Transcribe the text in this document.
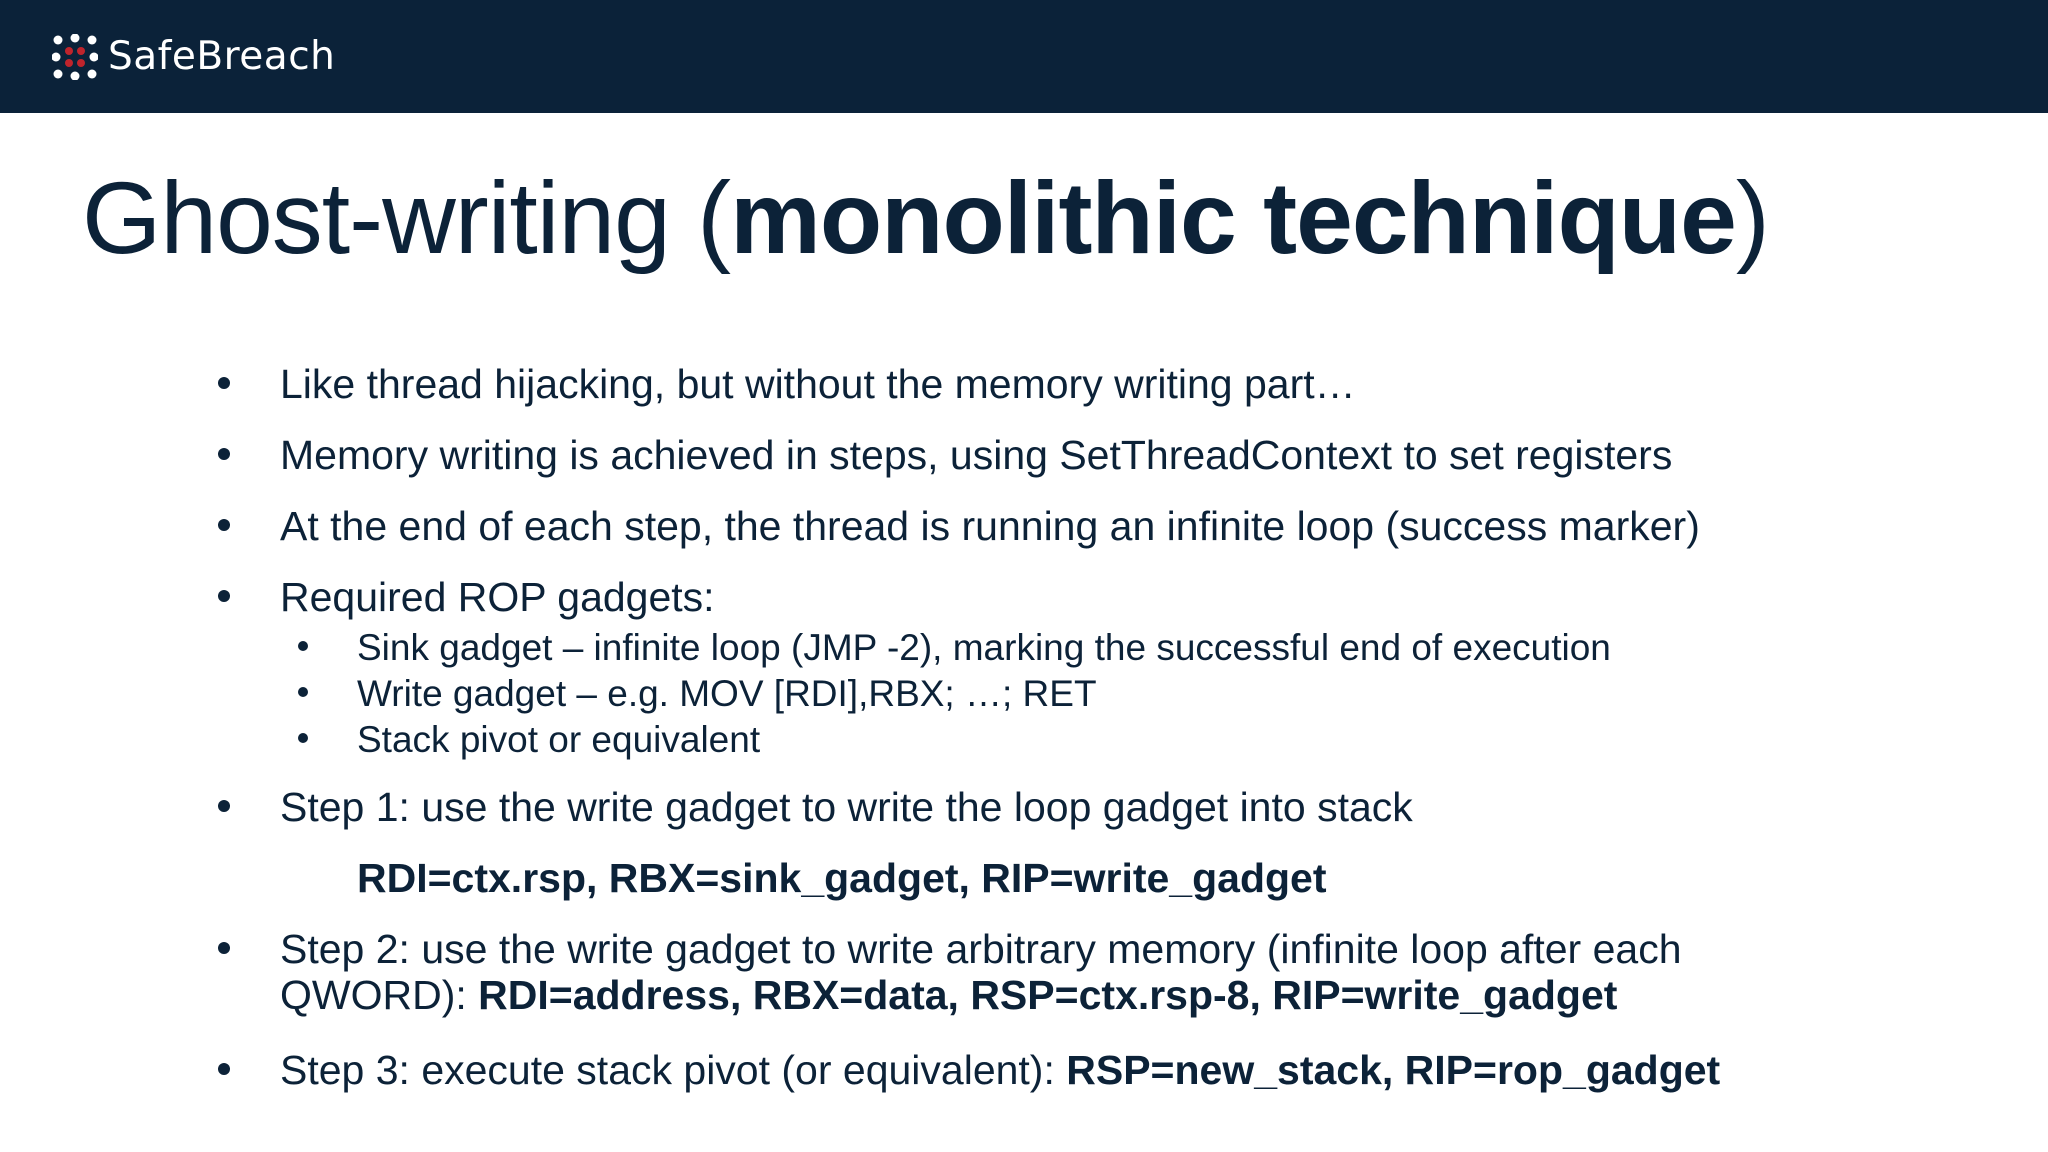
SafeBreach
Ghost-writing (monolithic technique)
Like thread hijacking, but without the memory writing part…
Memory writing is achieved in steps, using SetThreadContext to set registers
At the end of each step, the thread is running an infinite loop (success marker)
Required ROP gadgets:
Sink gadget – infinite loop (JMP -2), marking the successful end of execution
Write gadget – e.g. MOV [RDI],RBX; …; RET
Stack pivot or equivalent
Step 1: use the write gadget to write the loop gadget into stack
RDI=ctx.rsp, RBX=sink_gadget, RIP=write_gadget
Step 2: use the write gadget to write arbitrary memory (infinite loop after each
QWORD): RDI=address, RBX=data, RSP=ctx.rsp-8, RIP=write_gadget
Step 3: execute stack pivot (or equivalent): RSP=new_stack, RIP=rop_gadget
